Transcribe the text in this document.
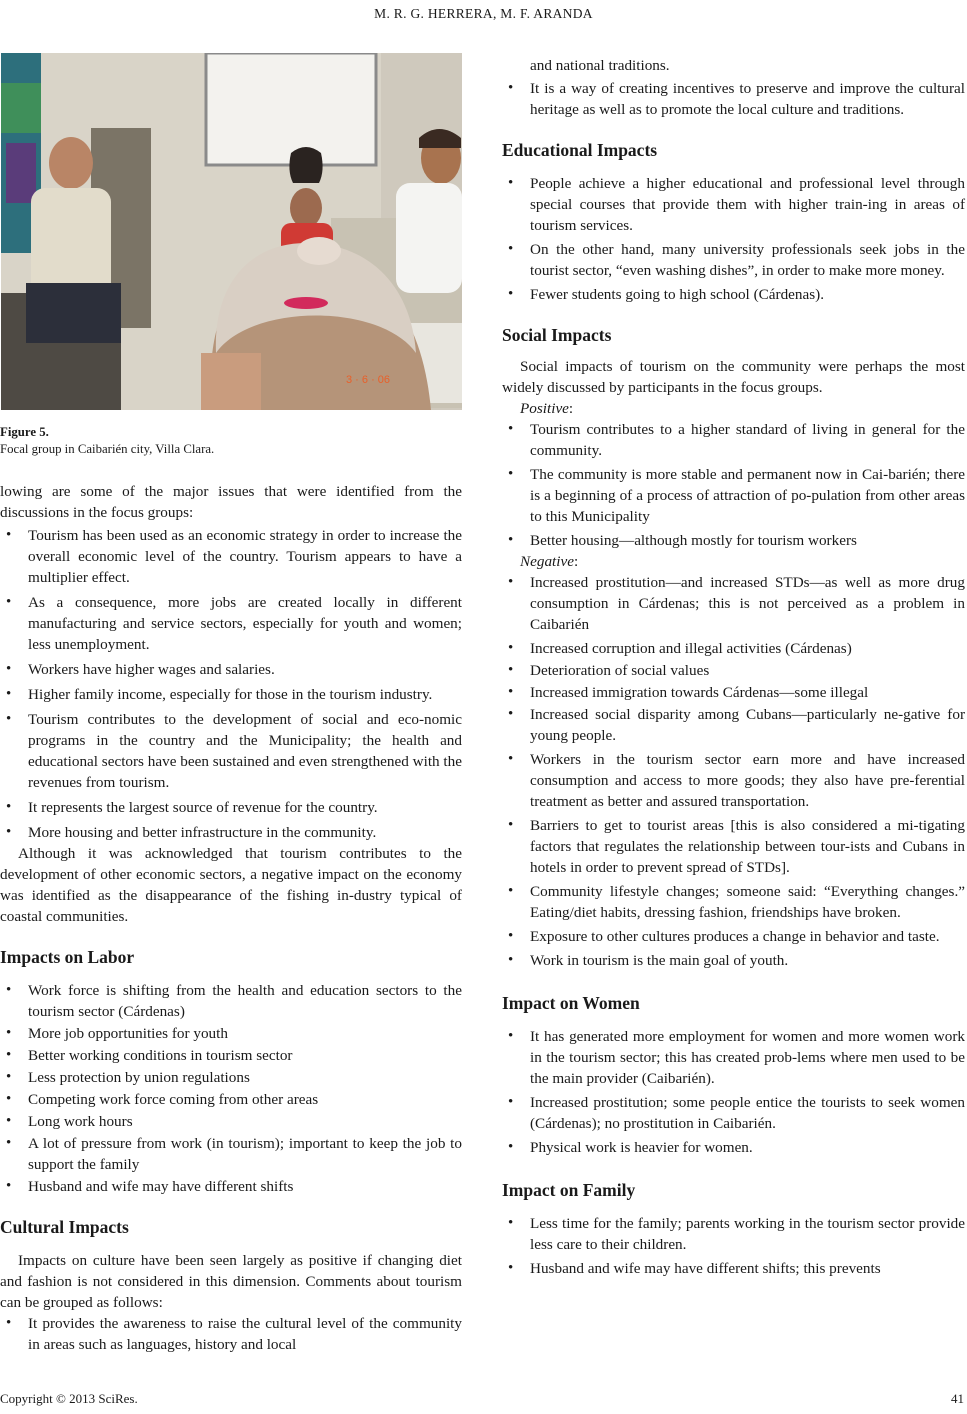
M. R. G. HERRERA, M. F. ARANDA
3 · 6 · 06
Figure 5.
Focal group in Caibarién city, Villa Clara.

lowing are some of the major issues that were identified from the discussions in the focus groups:

• Tourism has been used as an economic strategy in order to increase the overall economic level of the country. Tourism appears to have a multiplier effect.
• As a consequence, more jobs are created locally in different manufacturing and service sectors, especially for youth and women; less unemployment.
• Workers have higher wages and salaries.
• Higher family income, especially for those in the tourism industry.
• Tourism contributes to the development of social and eco-nomic programs in the country and the Municipality; the health and educational sectors have been sustained and even strengthened with the revenues from tourism.
• It represents the largest source of revenue for the country.
• More housing and better infrastructure in the community.

Although it was acknowledged that tourism contributes to the development of other economic sectors, a negative impact on the economy was identified as the disappearance of the fishing in-dustry typical of coastal communities.

Impacts on Labor
• Work force is shifting from the health and education sectors to the tourism sector (Cárdenas)
• More job opportunities for youth
• Better working conditions in tourism sector
• Less protection by union regulations
• Competing work force coming from other areas
• Long work hours
• A lot of pressure from work (in tourism); important to keep the job to support the family
• Husband and wife may have different shifts
Cultural Impacts

Impacts on culture have been seen largely as positive if changing diet and fashion is not considered in this dimension. Comments about tourism can be grouped as follows:

• It provides the awareness to raise the cultural level of the community in areas such as languages, history and local

and national traditions.

• It is a way of creating incentives to preserve and improve the cultural heritage as well as to promote the local culture and traditions.
Educational Impacts
• People achieve a higher educational and professional level through special courses that provide them with higher train-ing in areas of tourism services.
• On the other hand, many university professionals seek jobs in the tourist sector, “even washing dishes”, in order to make more money.
• Fewer students going to high school (Cárdenas).
Social Impacts

Social impacts of tourism on the community were perhaps the most widely discussed by participants in the focus groups.

Positive:

• Tourism contributes to a higher standard of living in general for the community.
• The community is more stable and permanent now in Cai-barién; there is a beginning of a process of attraction of po-pulation from other areas to this Municipality
• Better housing—although mostly for tourism workers

Negative:

• Increased prostitution—and increased STDs—as well as more drug consumption in Cárdenas; this is not perceived as a problem in Caibarién
• Increased corruption and illegal activities (Cárdenas)
• Deterioration of social values
• Increased immigration towards Cárdenas—some illegal
• Increased social disparity among Cubans—particularly ne-gative for young people.
• Workers in the tourism sector earn more and have increased consumption and access to more goods; they also have pre-ferential treatment as better and assured transportation.
• Barriers to get to tourist areas [this is also considered a mi-tigating factors that regulates the relationship between tour-ists and Cubans in hotels in order to prevent spread of STDs].
• Community lifestyle changes; someone said: “Everything changes.” Eating/diet habits, dressing fashion, friendships have broken.
• Exposure to other cultures produces a change in behavior and taste.
• Work in tourism is the main goal of youth.
Impact on Women
• It has generated more employment for women and more women work in the tourism sector; this has created prob-lems where men used to be the main provider (Caibarién).
• Increased prostitution; some people entice the tourists to seek women (Cárdenas); no prostitution in Caibarién.
• Physical work is heavier for women.
Impact on Family
• Less time for the family; parents working in the tourism sector provide less care to their children.
• Husband and wife may have different shifts; this prevents
Copyright © 2013 SciRes.	41
